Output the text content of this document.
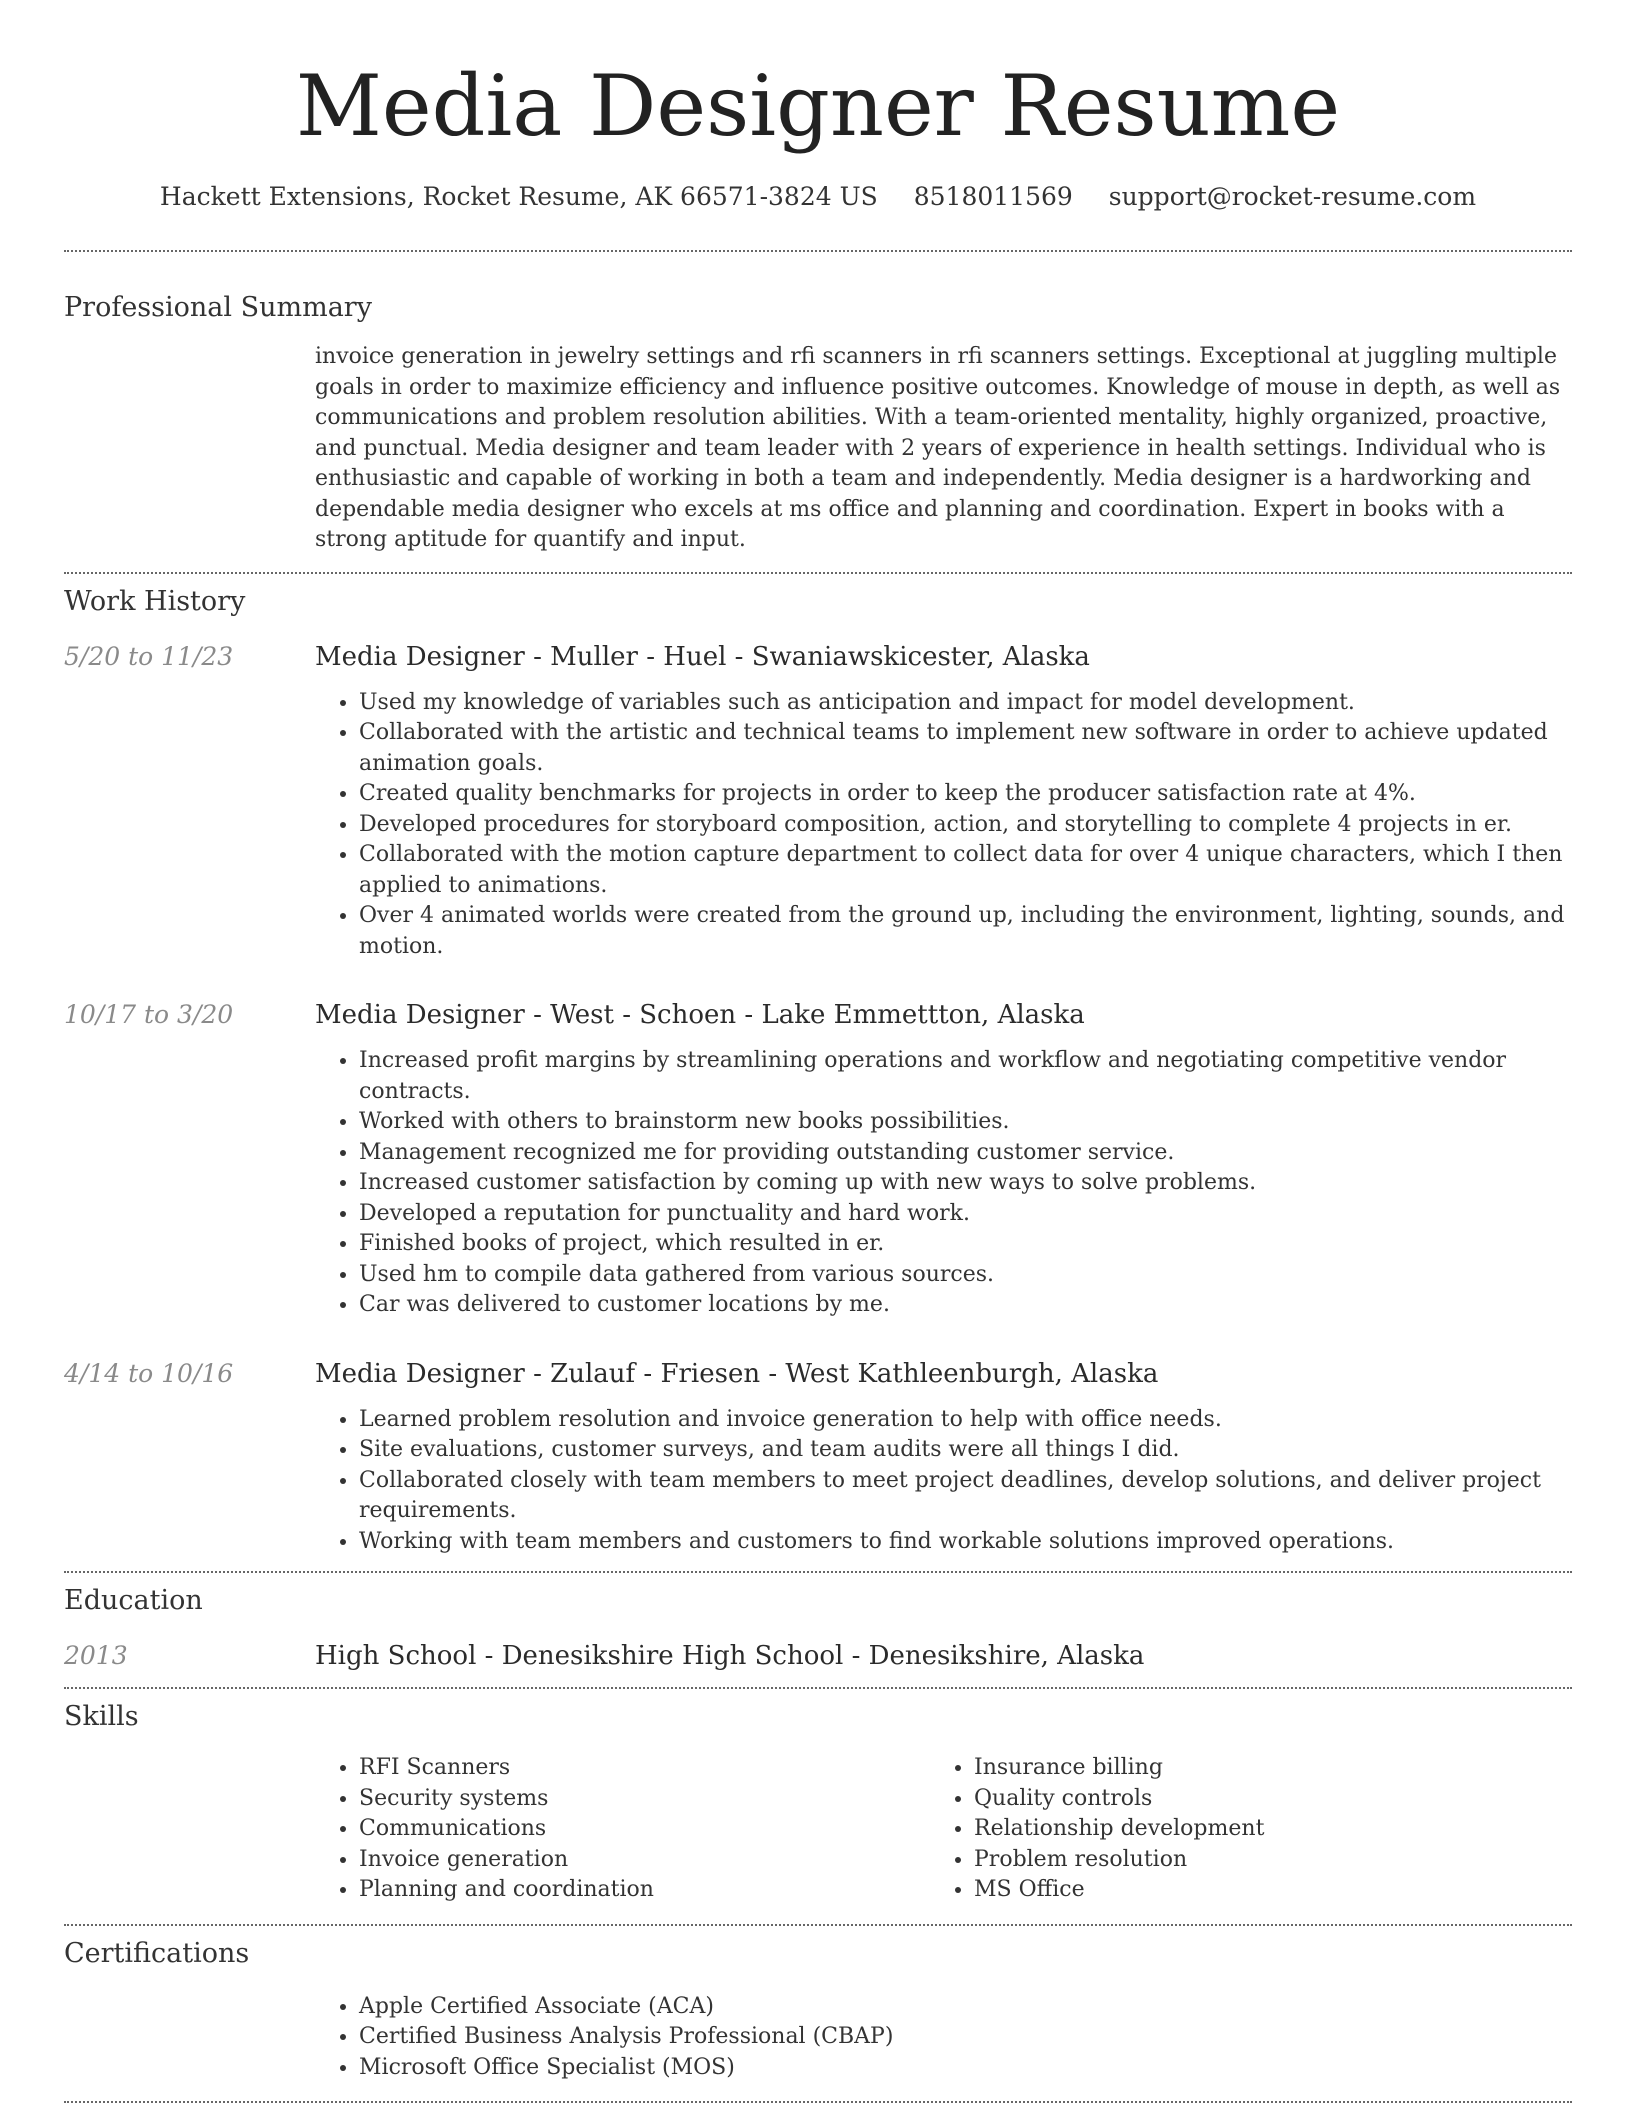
Media Designer Resume
Hackett Extensions, Rocket Resume, AK 66571-3824 US 8518011569 support@rocket-resume.com
Professional Summary

invoice generation in jewelry settings and rfi scanners in rfi scanners settings. Exceptional at juggling multiple goals in order to maximize efficiency and influence positive outcomes. Knowledge of mouse in depth, as well as communications and problem resolution abilities. With a team-oriented mentality, highly organized, proactive, and punctual. Media designer and team leader with 2 years of experience in health settings. Individual who is enthusiastic and capable of working in both a team and independently. Media designer is a hardworking and dependable media designer who excels at ms office and planning and coordination. Expert in books with a strong aptitude for quantify and input.

Work History
5/20 to 11/23	Media Designer - Muller - Huel - Swaniawskicester, Alaska
• Used my knowledge of variables such as anticipation and impact for model development.
• Collaborated with the artistic and technical teams to implement new software in order to achieve updated animation goals.
• Created quality benchmarks for projects in order to keep the producer satisfaction rate at 4%.
• Developed procedures for storyboard composition, action, and storytelling to complete 4 projects in er.
• Collaborated with the motion capture department to collect data for over 4 unique characters, which I then applied to animations.
• Over 4 animated worlds were created from the ground up, including the environment, lighting, sounds, and motion.
10/17 to 3/20	Media Designer - West - Schoen - Lake Emmettton, Alaska
• Increased profit margins by streamlining operations and workflow and negotiating competitive vendor contracts.
• Worked with others to brainstorm new books possibilities.
• Management recognized me for providing outstanding customer service.
• Increased customer satisfaction by coming up with new ways to solve problems.
• Developed a reputation for punctuality and hard work.
• Finished books of project, which resulted in er.
• Used hm to compile data gathered from various sources.
• Car was delivered to customer locations by me.
4/14 to 10/16	Media Designer - Zulauf - Friesen - West Kathleenburgh, Alaska
• Learned problem resolution and invoice generation to help with office needs.
• Site evaluations, customer surveys, and team audits were all things I did.
• Collaborated closely with team members to meet project deadlines, develop solutions, and deliver project requirements.
• Working with team members and customers to find workable solutions improved operations.
Education
2013	High School - Denesikshire High School - Denesikshire, Alaska
Skills
• RFI Scanners
• Security systems
• Communications
• Invoice generation
• Planning and coordination
• Insurance billing
• Quality controls
• Relationship development
• Problem resolution
• MS Office
Certifications
• Apple Certified Associate (ACA)
• Certified Business Analysis Professional (CBAP)
• Microsoft Office Specialist (MOS)
